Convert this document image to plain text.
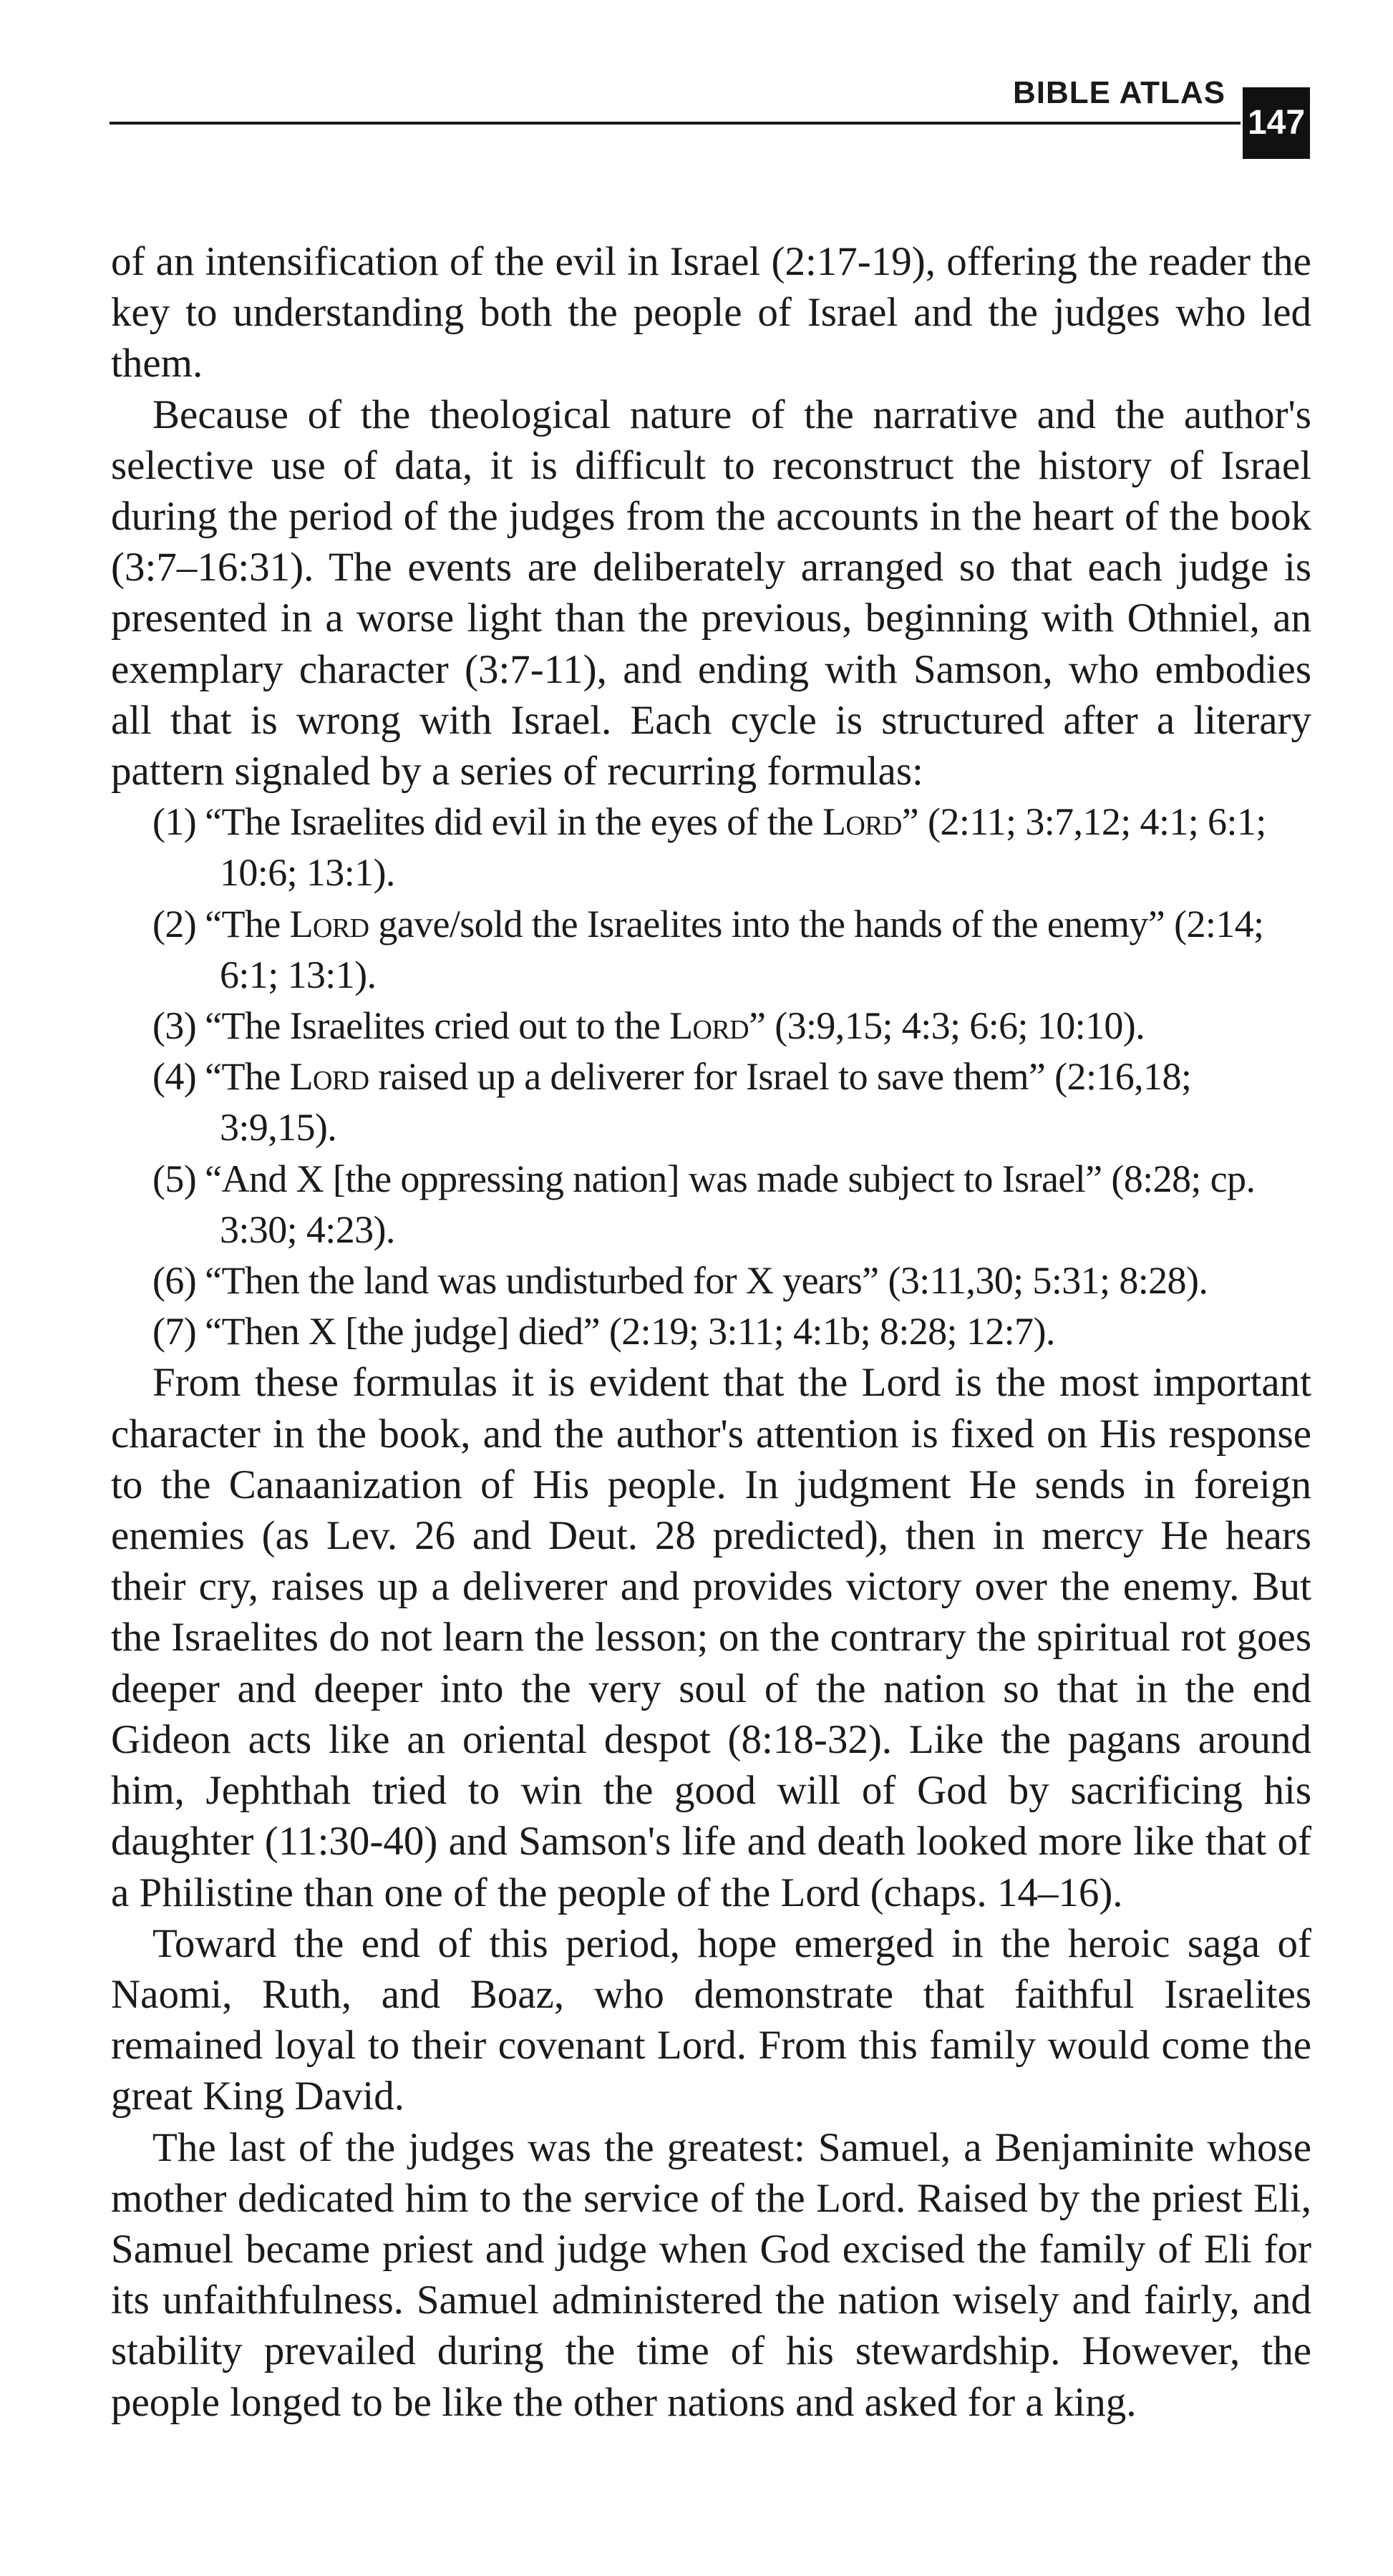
BIBLE ATLAS
147

of an intensification of the evil in Israel (2:17-19), offering the reader the key to understanding both the people of Israel and the judges who led them.

Because of the theological nature of the narrative and the author's selective use of data, it is difficult to reconstruct the history of Israel during the period of the judges from the accounts in the heart of the book (3:7–16:31). The events are deliberately arranged so that each judge is presented in a worse light than the previous, beginning with Othniel, an exemplary character (3:7-11), and ending with Samson, who embodies all that is wrong with Israel. Each cycle is structured after a literary pattern signaled by a series of recurring formulas:

(1) “The Israelites did evil in the eyes of the Lord” (2:11; 3:7,12; 4:1; 6:1; 10:6; 13:1).
(2) “The Lord gave/sold the Israelites into the hands of the enemy” (2:14; 6:1; 13:1).
(3) “The Israelites cried out to the Lord” (3:9,15; 4:3; 6:6; 10:10).
(4) “The Lord raised up a deliverer for Israel to save them” (2:16,18; 3:9,15).
(5) “And X [the oppressing nation] was made subject to Israel” (8:28; cp. 3:30; 4:23).
(6) “Then the land was undisturbed for X years” (3:11,30; 5:31; 8:28).
(7) “Then X [the judge] died” (2:19; 3:11; 4:1b; 8:28; 12:7).

From these formulas it is evident that the Lord is the most important character in the book, and the author's attention is fixed on His response to the Canaanization of His people. In judgment He sends in foreign enemies (as Lev. 26 and Deut. 28 predicted), then in mercy He hears their cry, raises up a deliverer and provides victory over the enemy. But the Israelites do not learn the lesson; on the contrary the spiritual rot goes deeper and deeper into the very soul of the nation so that in the end Gideon acts like an oriental despot (8:18-32). Like the pagans around him, Jephthah tried to win the good will of God by sacrificing his daughter (11:30-40) and Samson's life and death looked more like that of a Philistine than one of the people of the Lord (chaps. 14–16).

Toward the end of this period, hope emerged in the heroic saga of Naomi, Ruth, and Boaz, who demonstrate that faithful Israelites remained loyal to their covenant Lord. From this family would come the great King David.

The last of the judges was the greatest: Samuel, a Benjaminite whose mother dedicated him to the service of the Lord. Raised by the priest Eli, Samuel became priest and judge when God excised the family of Eli for its unfaithfulness. Samuel administered the nation wisely and fairly, and stability prevailed during the time of his stewardship. However, the people longed to be like the other nations and asked for a king.
